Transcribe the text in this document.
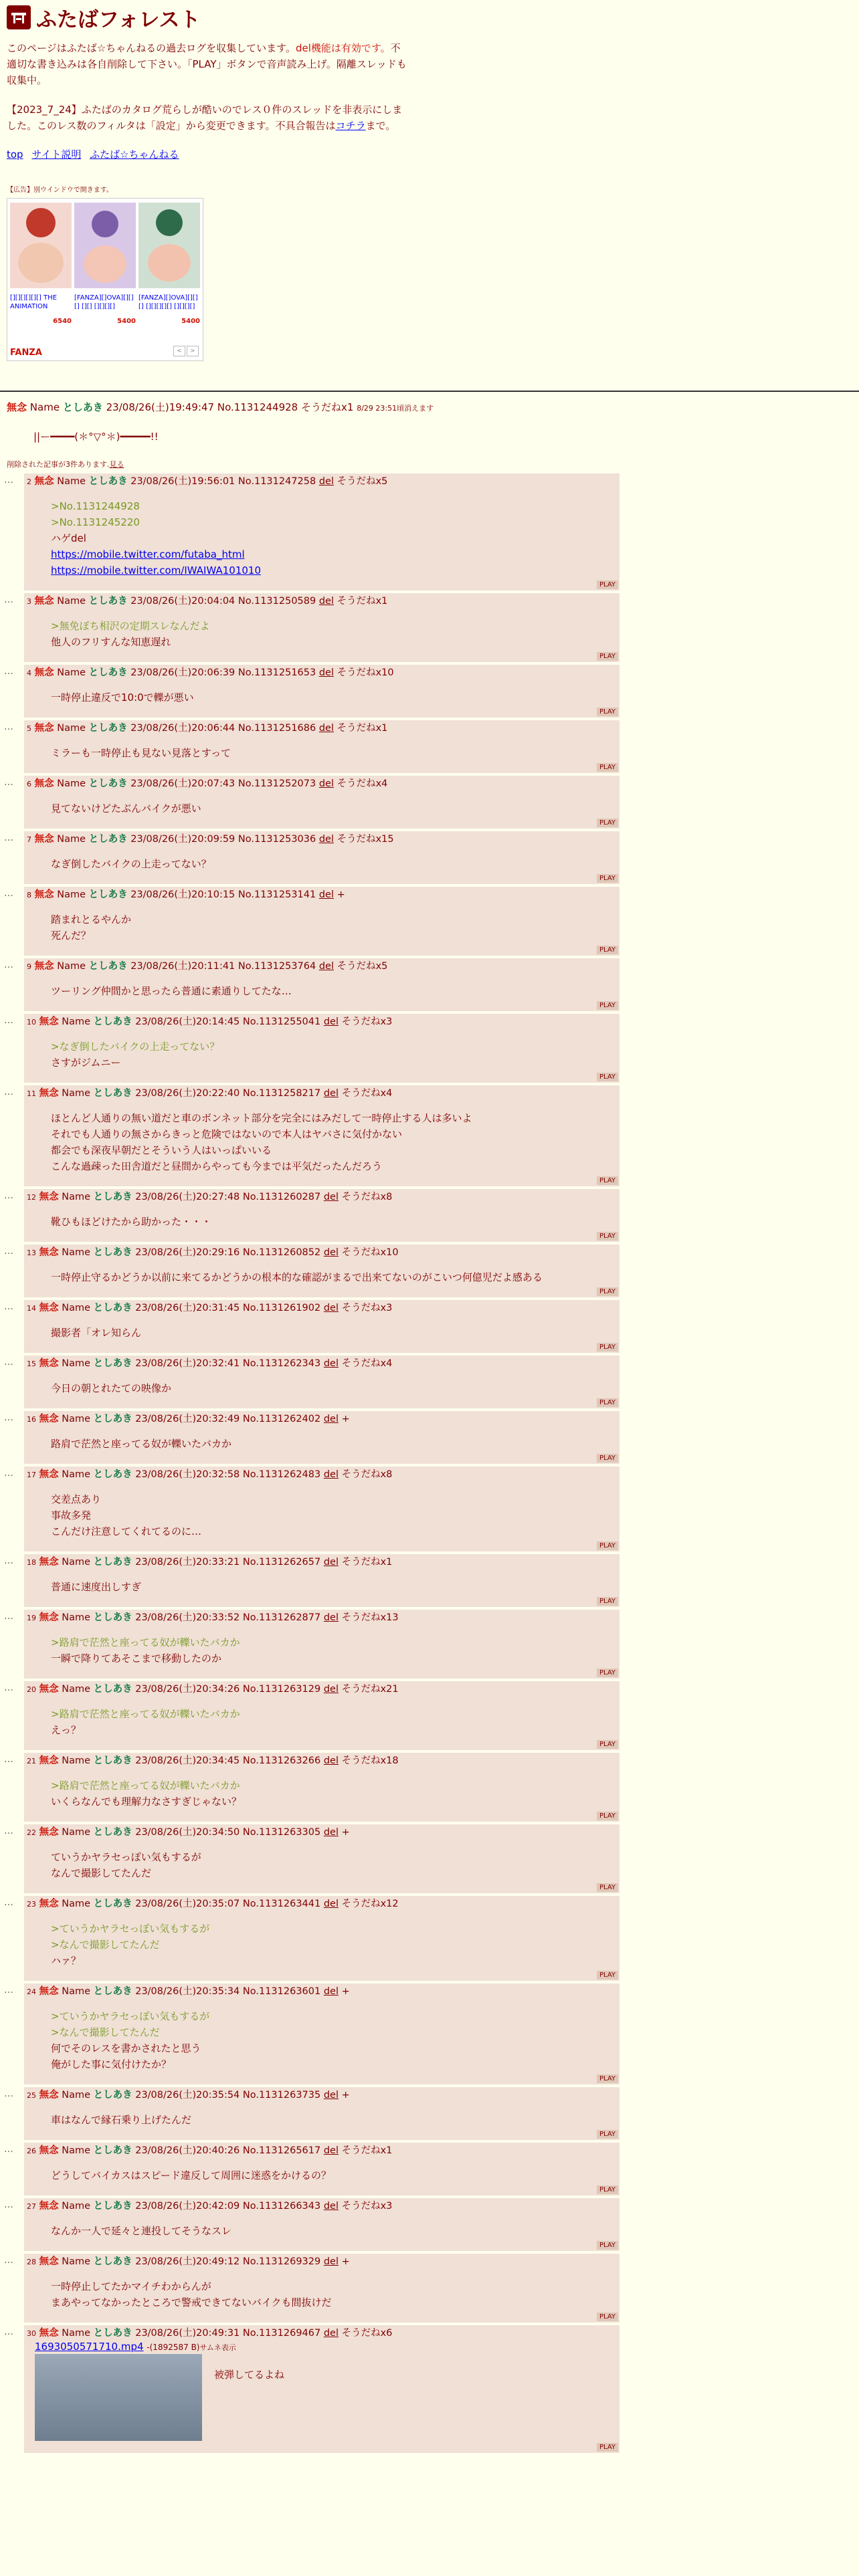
ふたばフォレスト
このページはふたば☆ちゃんねるの過去ログを収集しています。del機能は有効です。不適切な書き込みは各自削除して下さい。「PLAY」ボタンで音声読み上げ。隔離スレッドも収集中。
【2023_7_24】ふたばのカタログ荒らしが酷いのでレス０件のスレッドを非表示にしました。このレス数のフィルタは「設定」から変更できます。不具合報告はコチラまで。
top サイト説明 ふたば☆ちゃんねる
【広告】別ウインドウで開きます。
[][][][][][] THE ANIMATION
6540
[FANZA][]OVA][][][] [][] [][][][]
5400
[FANZA][]OVA][][][] [][][][][] [][][][]
5400
FANZA	<	>
無念 Name としあき 23/08/26(土)19:49:47 No.1131244928 そうだねx1 8/29 23:51頃消えます
||ー━━━━(＊°▽°＊)━━━━━!!
削除された記事が3件あります.見る
…	2 無念 Name としあき 23/08/26(土)19:56:01 No.1131247258 del そうだねx5
>No.1131244928
>No.1131245220
ハゲdel
https://mobile.twitter.com/futaba_html
https://mobile.twitter.com/IWAIWA101010
PLAY
…	3 無念 Name としあき 23/08/26(土)20:04:04 No.1131250589 del そうだねx1
>無免ぼち相沢の定期スレなんだよ
他人のフリすんな知恵遅れ
PLAY
…	4 無念 Name としあき 23/08/26(土)20:06:39 No.1131251653 del そうだねx10
一時停止違反で10:0で轢が悪い
PLAY
…	5 無念 Name としあき 23/08/26(土)20:06:44 No.1131251686 del そうだねx1
ミラーも一時停止も見ない見落とすって
PLAY
…	6 無念 Name としあき 23/08/26(土)20:07:43 No.1131252073 del そうだねx4
見てないけどたぶんバイクが悪い
PLAY
…	7 無念 Name としあき 23/08/26(土)20:09:59 No.1131253036 del そうだねx15
なぎ倒したバイクの上走ってない？
PLAY
…	8 無念 Name としあき 23/08/26(土)20:10:15 No.1131253141 del +
踏まれとるやんか
死んだ？
PLAY
…	9 無念 Name としあき 23/08/26(土)20:11:41 No.1131253764 del そうだねx5
ツーリング仲間かと思ったら普通に素通りしてたな…
PLAY
…	10 無念 Name としあき 23/08/26(土)20:14:45 No.1131255041 del そうだねx3
>なぎ倒したバイクの上走ってない？
さすがジムニー
PLAY
…	11 無念 Name としあき 23/08/26(土)20:22:40 No.1131258217 del そうだねx4
ほとんど人通りの無い道だと車のボンネット部分を完全にはみだして一時停止する人は多いよ
それでも人通りの無さからきっと危険ではないので本人はヤバさに気付かない
都会でも深夜早朝だとそういう人はいっぱいいる
こんな過疎った田舎道だと昼間からやっても今までは平気だったんだろう
PLAY
…	12 無念 Name としあき 23/08/26(土)20:27:48 No.1131260287 del そうだねx8
靴ひもほどけたから助かった・・・
PLAY
…	13 無念 Name としあき 23/08/26(土)20:29:16 No.1131260852 del そうだねx10
一時停止守るかどうか以前に来てるかどうかの根本的な確認がまるで出来てないのがこいつ何億児だよ感ある
PLAY
…	14 無念 Name としあき 23/08/26(土)20:31:45 No.1131261902 del そうだねx3
撮影者「オレ知らん
PLAY
…	15 無念 Name としあき 23/08/26(土)20:32:41 No.1131262343 del そうだねx4
今日の朝とれたての映像か
PLAY
…	16 無念 Name としあき 23/08/26(土)20:32:49 No.1131262402 del +
路肩で茫然と座ってる奴が轢いたバカか
PLAY
…	17 無念 Name としあき 23/08/26(土)20:32:58 No.1131262483 del そうだねx8
交差点あり
事故多発
こんだけ注意してくれてるのに…
PLAY
…	18 無念 Name としあき 23/08/26(土)20:33:21 No.1131262657 del そうだねx1
普通に速度出しすぎ
PLAY
…	19 無念 Name としあき 23/08/26(土)20:33:52 No.1131262877 del そうだねx13
>路肩で茫然と座ってる奴が轢いたバカか
一瞬で降りてあそこまで移動したのか
PLAY
…	20 無念 Name としあき 23/08/26(土)20:34:26 No.1131263129 del そうだねx21
>路肩で茫然と座ってる奴が轢いたバカか
えっ？
PLAY
…	21 無念 Name としあき 23/08/26(土)20:34:45 No.1131263266 del そうだねx18
>路肩で茫然と座ってる奴が轢いたバカか
いくらなんでも理解力なさすぎじゃない？
PLAY
…	22 無念 Name としあき 23/08/26(土)20:34:50 No.1131263305 del +
ていうかヤラセっぽい気もするが
なんで撮影してたんだ
PLAY
…	23 無念 Name としあき 23/08/26(土)20:35:07 No.1131263441 del そうだねx12
>ていうかヤラセっぽい気もするが
>なんで撮影してたんだ
ハァ？
PLAY
…	24 無念 Name としあき 23/08/26(土)20:35:34 No.1131263601 del +
>ていうかヤラセっぽい気もするが
>なんで撮影してたんだ
何でそのレスを書かされたと思う
俺がした事に気付けたか？
PLAY
…	25 無念 Name としあき 23/08/26(土)20:35:54 No.1131263735 del +
車はなんで縁石乗り上げたんだ
PLAY
…	26 無念 Name としあき 23/08/26(土)20:40:26 No.1131265617 del そうだねx1
どうしてバイカスはスピード違反して周囲に迷惑をかけるの？
PLAY
…	27 無念 Name としあき 23/08/26(土)20:42:09 No.1131266343 del そうだねx3
なんか一人で延々と連投してそうなスレ
PLAY
…	28 無念 Name としあき 23/08/26(土)20:49:12 No.1131269329 del +
一時停止してたかマイチわからんが
まあやってなかったところで警戒できてないバイクも間抜けだ
PLAY
…	30 無念 Name としあき 23/08/26(土)20:49:31 No.1131269467 del そうだねx6
1693050571710.mp4 -(1892587 B)サムネ表示
被弾してるよね
PLAY
